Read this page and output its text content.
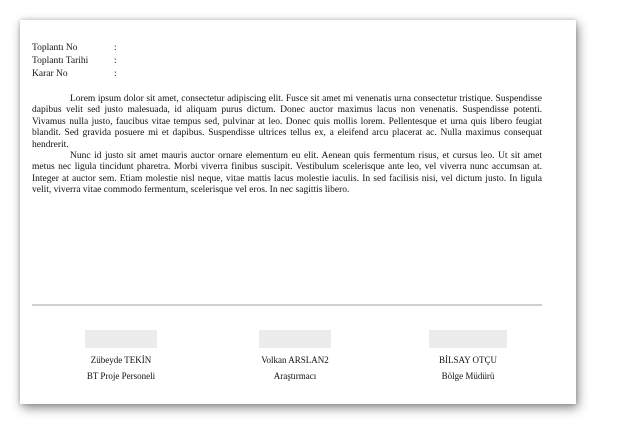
Toplantı No	:
Toplantı Tarihi	:
Karar No	:

Lorem ipsum dolor sit amet, consectetur adipiscing elit. Fusce sit amet mi venenatis urna consectetur tristique. Suspendisse dapibus velit sed justo malesuada, id aliquam purus dictum. Donec auctor maximus lacus non venenatis. Suspendisse potenti. Vivamus nulla justo, faucibus vitae tempus sed, pulvinar at leo. Donec quis mollis lorem. Pellentesque et urna quis libero feugiat blandit. Sed gravida posuere mi et dapibus. Suspendisse ultrices tellus ex, a eleifend arcu placerat ac. Nulla maximus consequat hendrerit.

Nunc id justo sit amet mauris auctor ornare elementum eu elit. Aenean quis fermentum risus, et cursus leo. Ut sit amet metus nec ligula tincidunt pharetra. Morbi viverra finibus suscipit. Vestibulum scelerisque ante leo, vel viverra nunc accumsan at. Integer at auctor sem. Etiam molestie nisl neque, vitae mattis lacus molestie iaculis. In sed facilisis nisi, vel dictum justo. In ligula velit, viverra vitae commodo fermentum, scelerisque vel eros. In nec sagittis libero.

Zübeyde TEKİN
BT Proje Personeli
Volkan ARSLAN2
Araştırmacı
BİLSAY OTÇU
Bölge Müdürü
